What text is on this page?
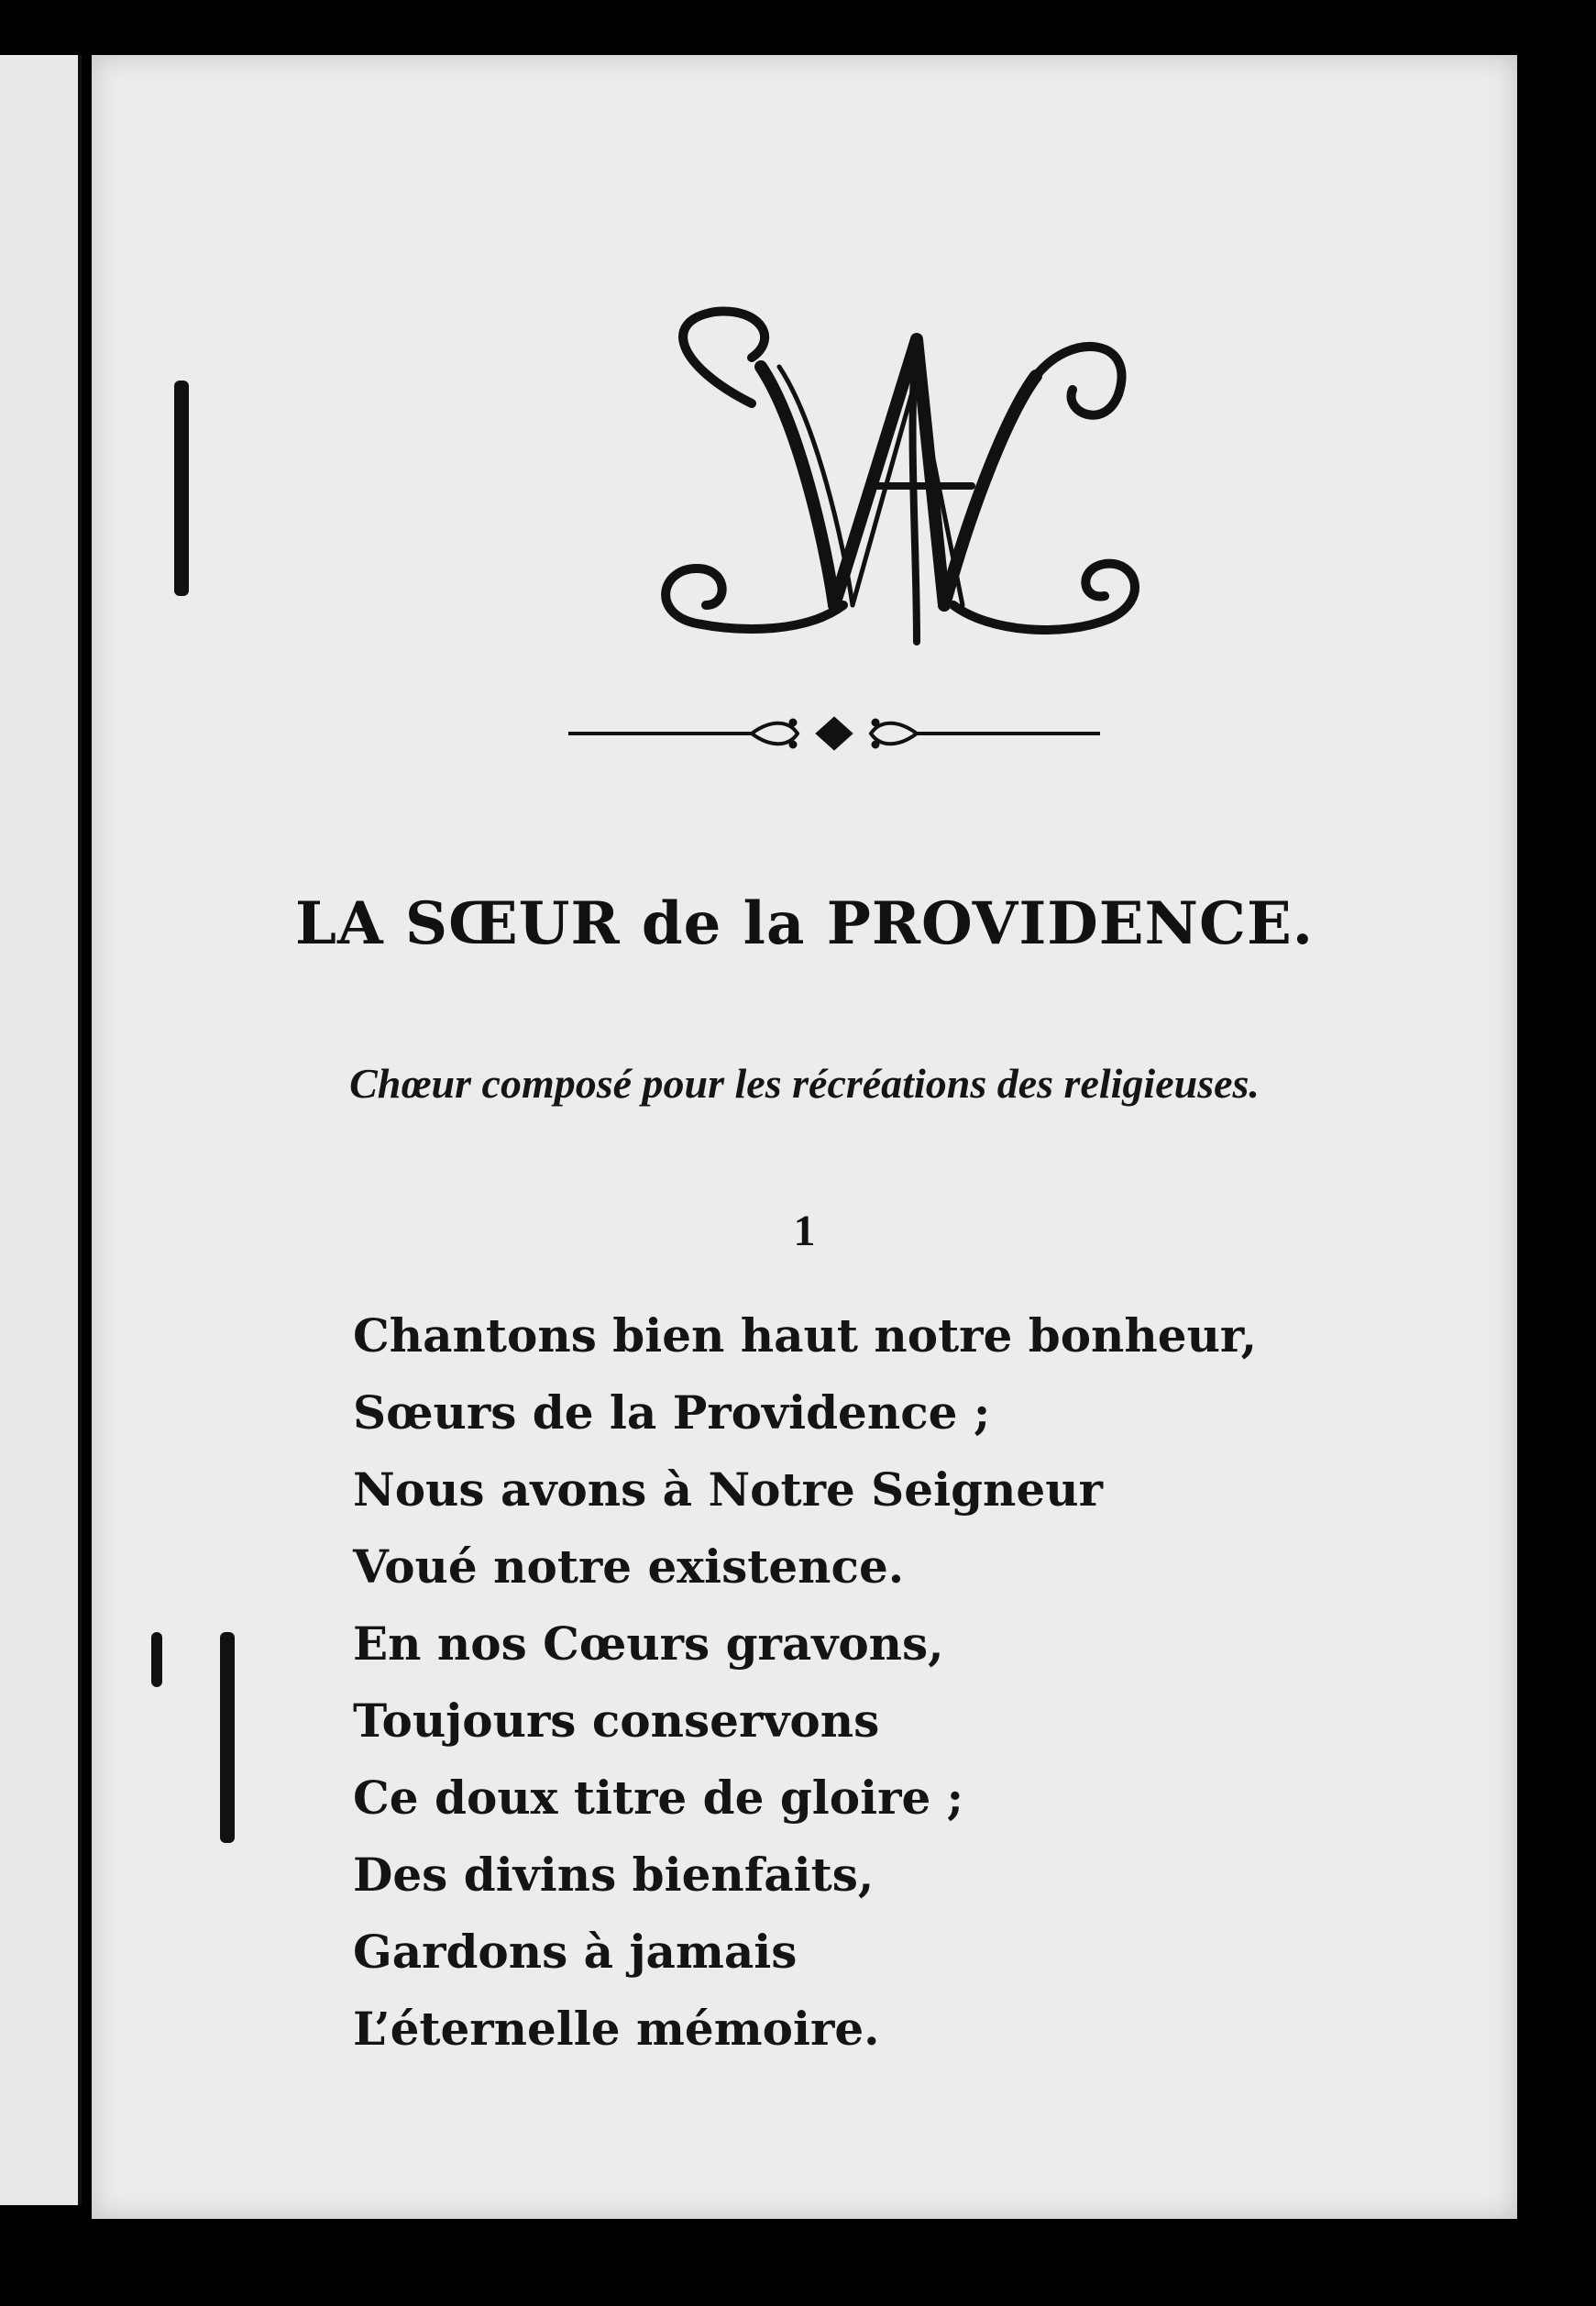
LA SŒUR de la PROVIDENCE.
Chœur composé pour les récréations des religieuses.
1
Chantons bien haut notre bonheur,
Sœurs de la Providence ;
Nous avons à Notre Seigneur
Voué notre existence.
En nos Cœurs gravons,
Toujours conservons
Ce doux titre de gloire ;
Des divins bienfaits,
Gardons à jamais
L’éternelle mémoire.
